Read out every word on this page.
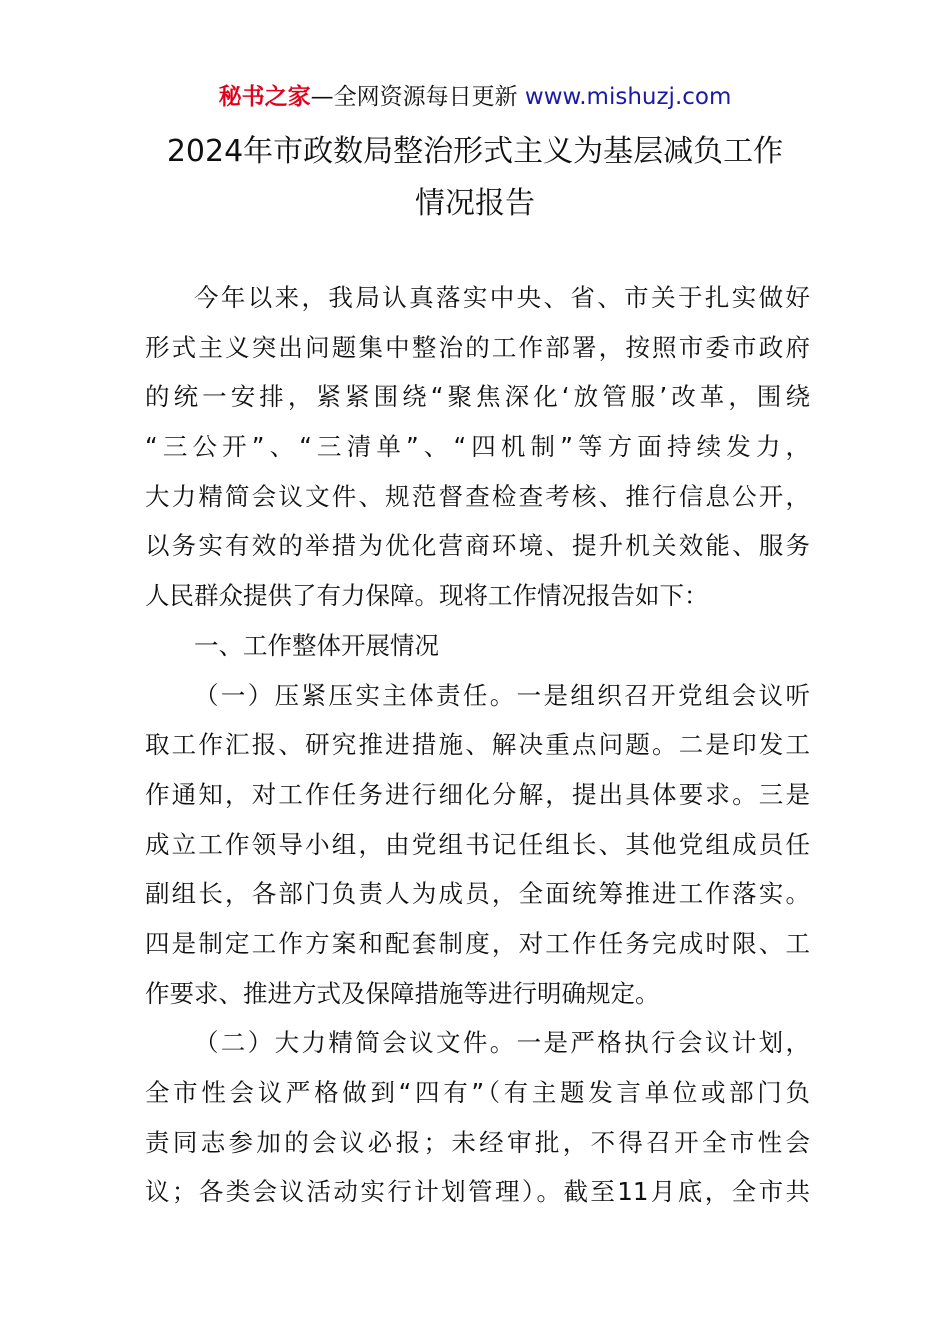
秘书之家—全网资源每日更新 www.mishuzj.com
2024年市政数局整治形式主义为基层减负工作
情况报告
今年以来，我局认真落实中央、省、市关于扎实做好
形式主义突出问题集中整治的工作部署，按照市委市政府
的统一安排，紧紧围绕“聚焦深化‘放管服’改革，围绕
“三公开”、“三清单”、“四机制”等方面持续发力，
大力精简会议文件、规范督查检查考核、推行信息公开，
以务实有效的举措为优化营商环境、提升机关效能、服务
人民群众提供了有力保障。现将工作情况报告如下：
一、工作整体开展情况
（一）压紧压实主体责任。一是组织召开党组会议听
取工作汇报、研究推进措施、解决重点问题。二是印发工
作通知，对工作任务进行细化分解，提出具体要求。三是
成立工作领导小组，由党组书记任组长、其他党组成员任
副组长，各部门负责人为成员，全面统筹推进工作落实。
四是制定工作方案和配套制度，对工作任务完成时限、工
作要求、推进方式及保障措施等进行明确规定。
（二）大力精简会议文件。一是严格执行会议计划，
全市性会议严格做到“四有”（有主题发言单位或部门负
责同志参加的会议必报；未经审批，不得召开全市性会
议；各类会议活动实行计划管理）。截至11月底，全市共
